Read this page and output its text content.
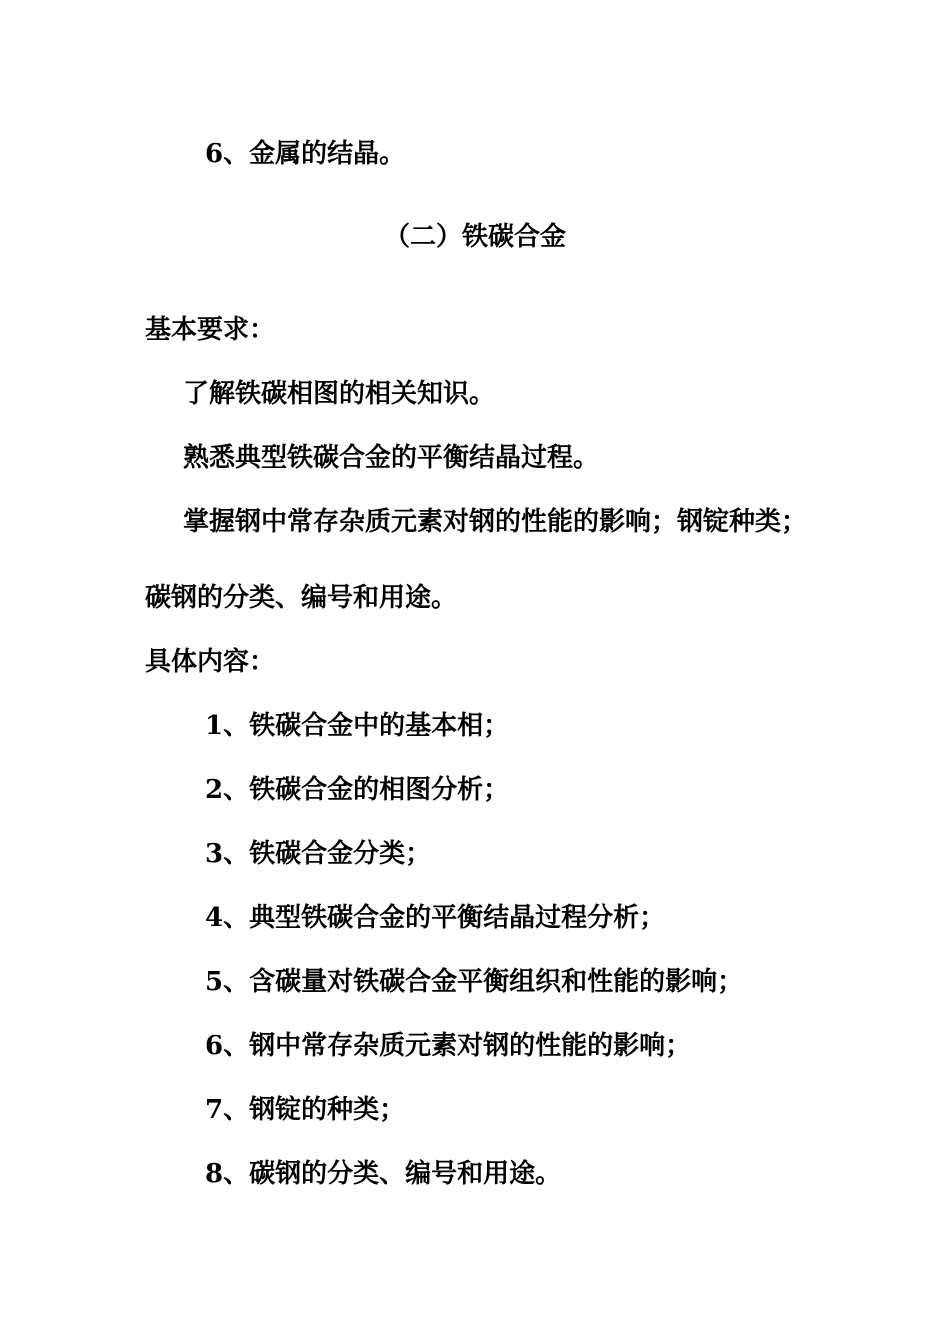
6、金属的结晶。
（二）铁碳合金
基本要求：
了解铁碳相图的相关知识。
熟悉典型铁碳合金的平衡结晶过程。
掌握钢中常存杂质元素对钢的性能的影响；钢锭种类；
碳钢的分类、编号和用途。
具体内容：
1、铁碳合金中的基本相；
2、铁碳合金的相图分析；
3、铁碳合金分类；
4、典型铁碳合金的平衡结晶过程分析；
5、含碳量对铁碳合金平衡组织和性能的影响；
6、钢中常存杂质元素对钢的性能的影响；
7、钢锭的种类；
8、碳钢的分类、编号和用途。
